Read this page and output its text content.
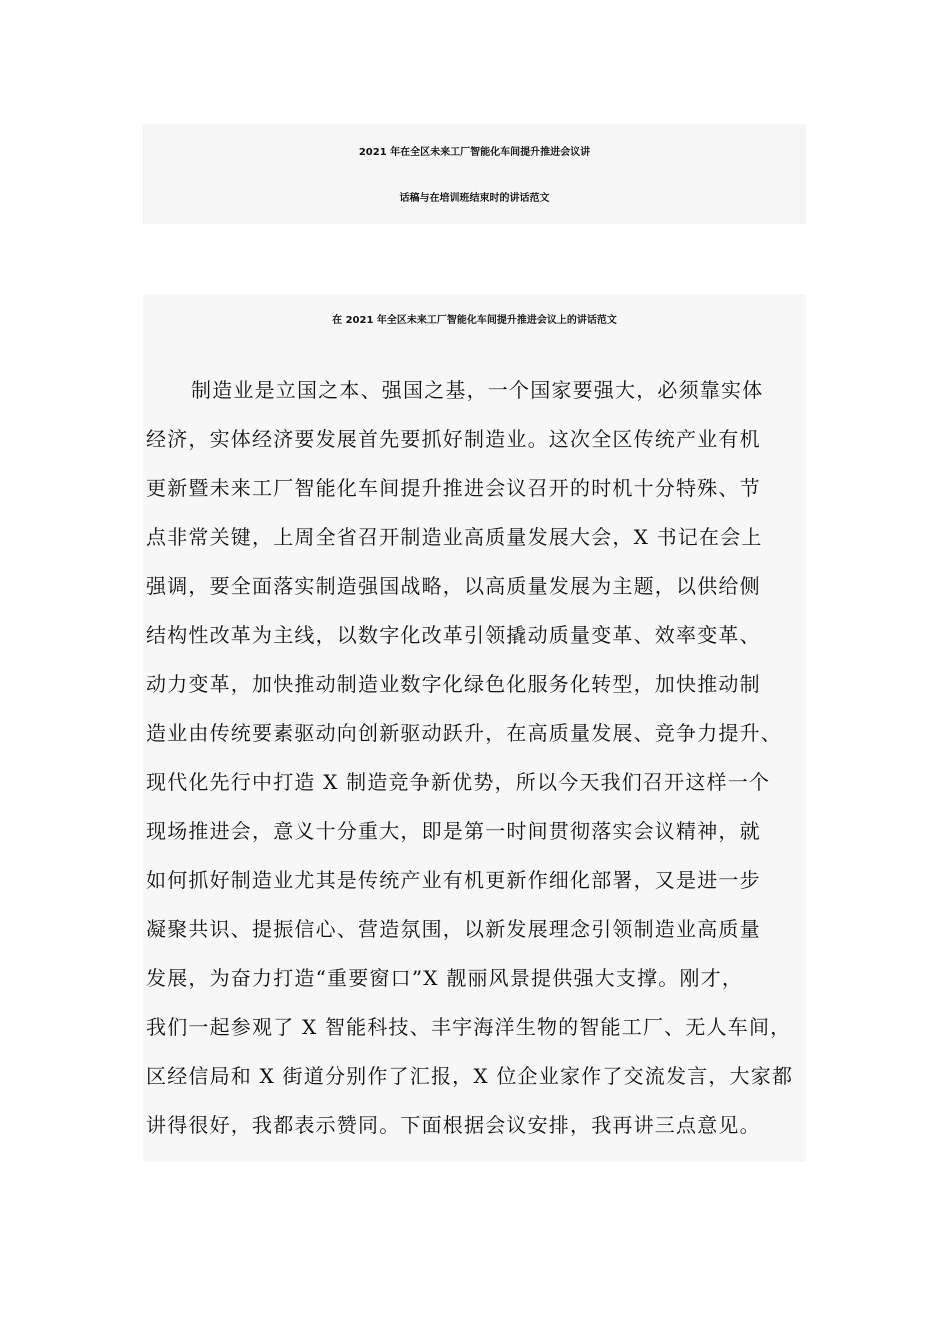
2021 年在全区未来工厂智能化车间提升推进会议讲
话稿与在培训班结束时的讲话范文
在 2021 年全区未来工厂智能化车间提升推进会议上的讲话范文
制造业是立国之本、强国之基，一个国家要强大，必须靠实体
经济，实体经济要发展首先要抓好制造业。这次全区传统产业有机
更新暨未来工厂智能化车间提升推进会议召开的时机十分特殊、节
点非常关键，上周全省召开制造业高质量发展大会，X 书记在会上
强调，要全面落实制造强国战略，以高质量发展为主题，以供给侧
结构性改革为主线，以数字化改革引领撬动质量变革、效率变革、
动力变革，加快推动制造业数字化绿色化服务化转型，加快推动制
造业由传统要素驱动向创新驱动跃升，在高质量发展、竞争力提升、
现代化先行中打造 X 制造竞争新优势，所以今天我们召开这样一个
现场推进会，意义十分重大，即是第一时间贯彻落实会议精神，就
如何抓好制造业尤其是传统产业有机更新作细化部署，又是进一步
凝聚共识、提振信心、营造氛围，以新发展理念引领制造业高质量
发展，为奋力打造“重要窗口”X 靓丽风景提供强大支撑。刚才，
我们一起参观了 X 智能科技、丰宇海洋生物的智能工厂、无人车间，
区经信局和 X 街道分别作了汇报，X 位企业家作了交流发言，大家都
讲得很好，我都表示赞同。下面根据会议安排，我再讲三点意见。
